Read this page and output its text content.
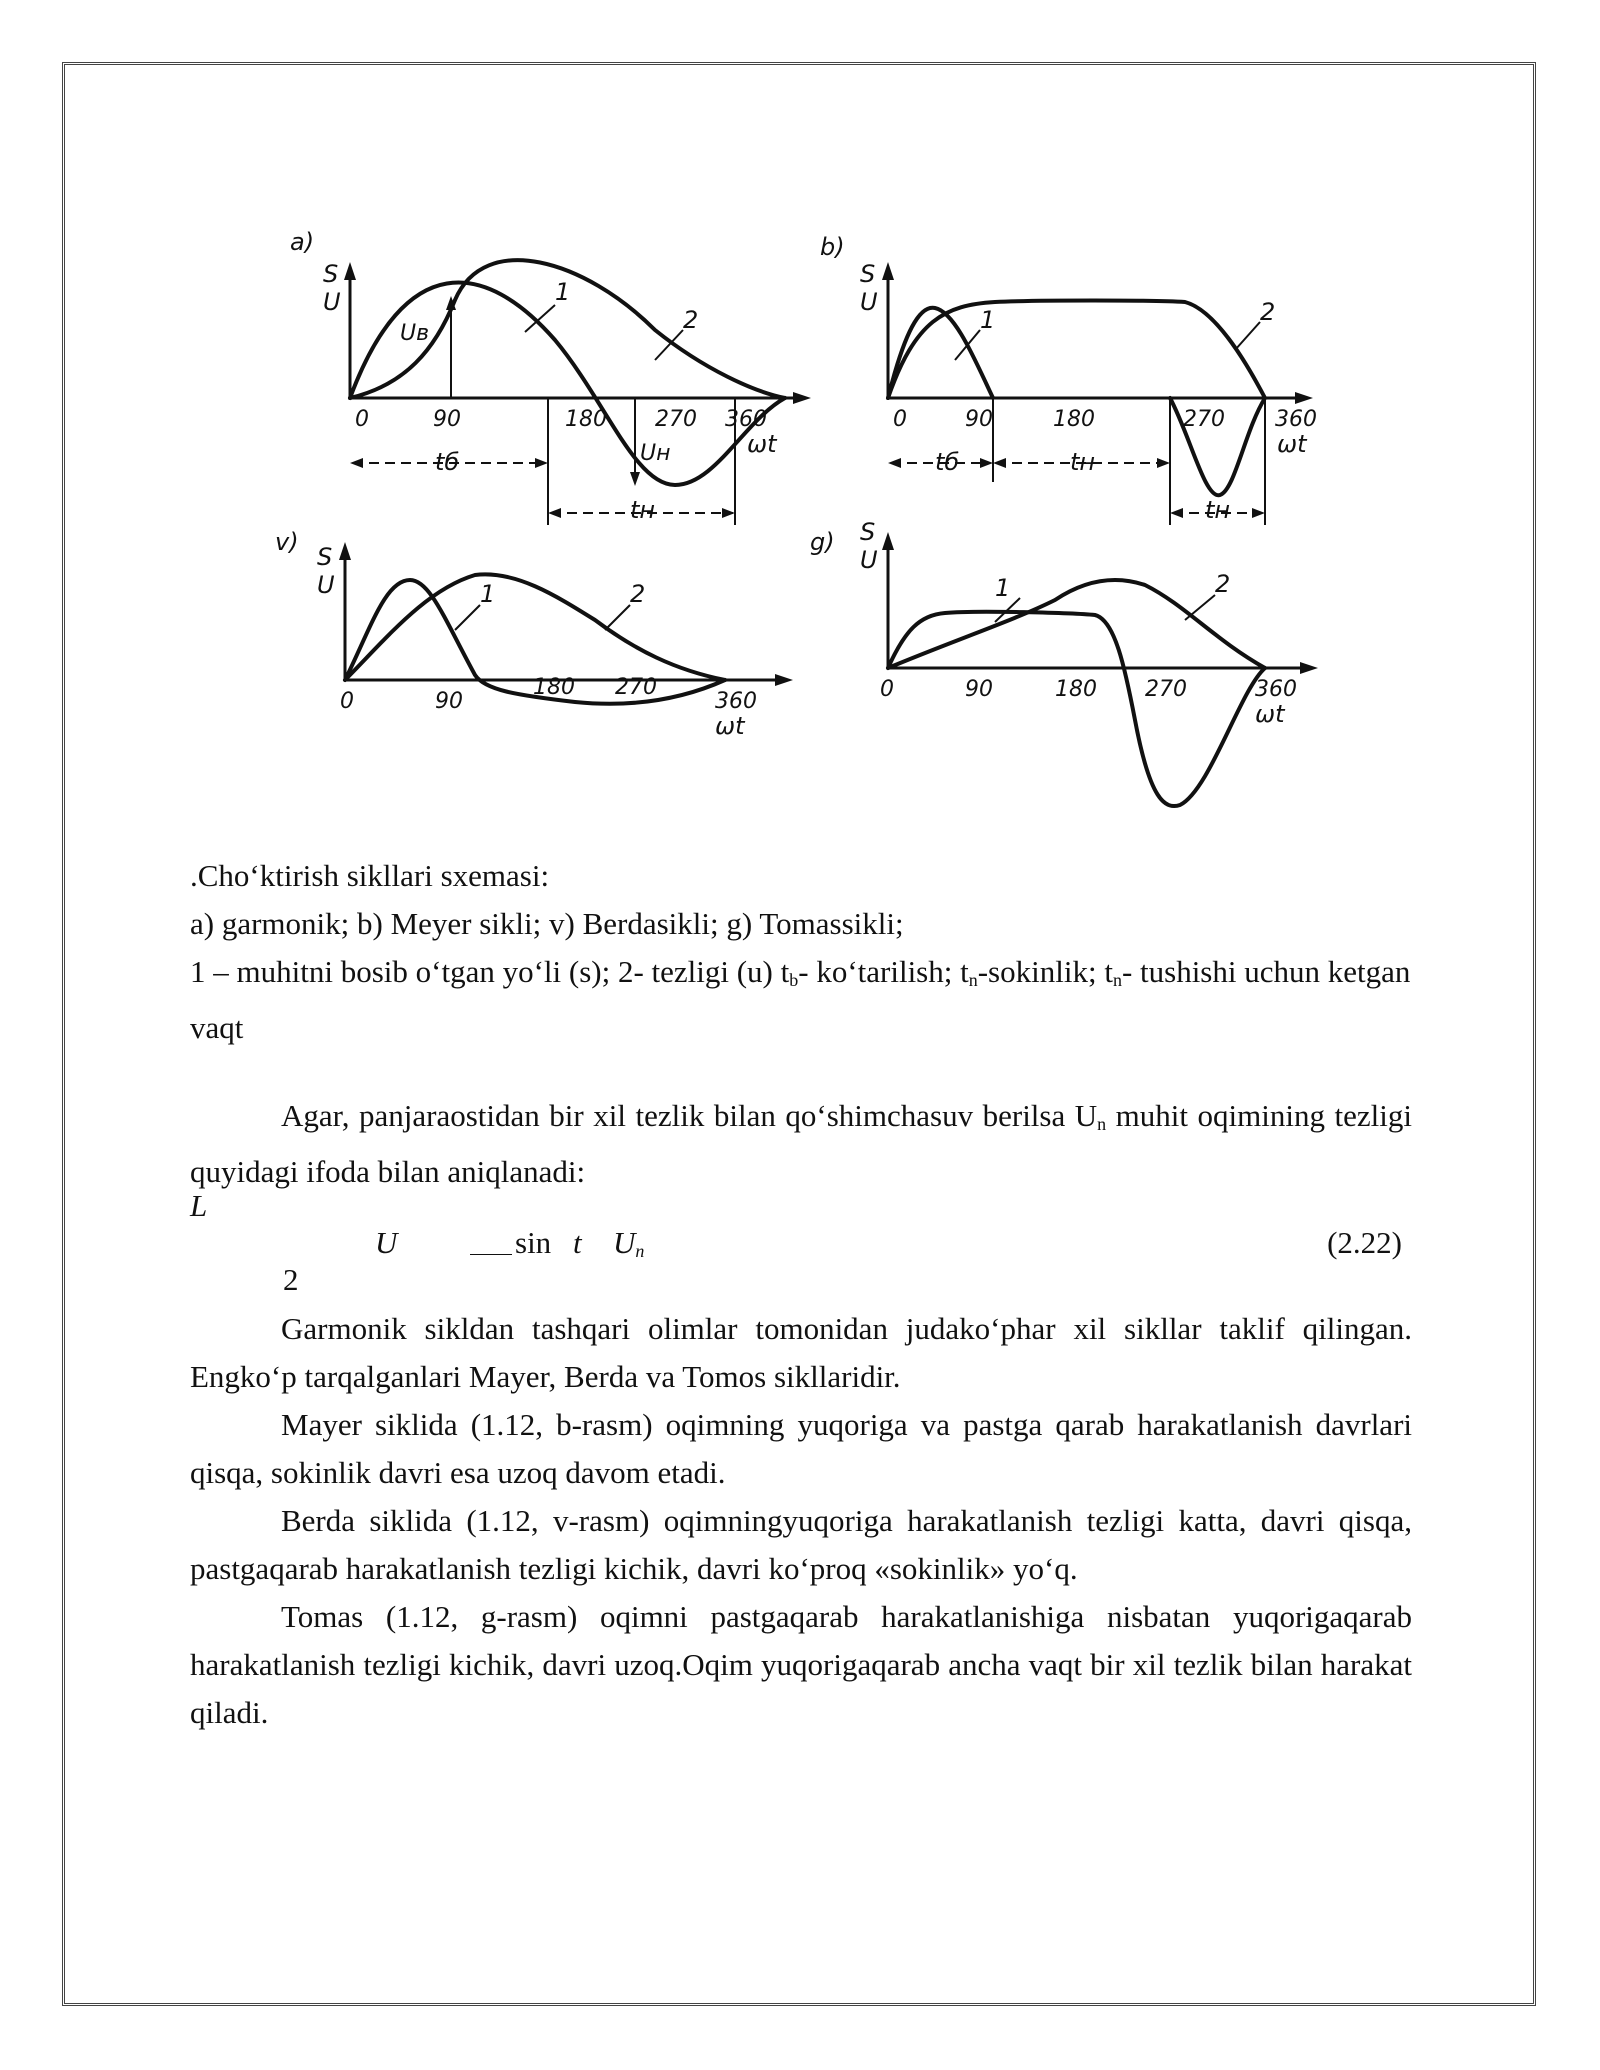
a)
S
U
Uв
Uн
1
2
0	90	180 270 360
ωt
tб
tн
b)
S
U
1	2
0	90	180	270 360
ωt
tб	tн
tн
v)
S
U	1	2
0	90
180 270
360
ωt
g) S
U
1	2
0	90	180 270	360
ωt

.Cho‘ktirish sikllari sxemasi:

a) garmonik; b) Meyer sikli; v) Berdasikli; g) Tomassikli;

1 – muhitni bosib o‘tgan yo‘li (s); 2- tezligi (u) $t_b-$ ko‘tarilish; $t_n$-sokinlik; $t_n-$ tushishi uchun ketgan vaqt

Agar, panjaraostidan bir xil tezlik bilan qo‘shimchasuv berilsa $U_n$ muhit oqimining tezligi quyidagi ifoda bilan aniqlanadi:

L
U	sin t $U_n$
2
(2.22)

Garmonik sikldan tashqari olimlar tomonidan judako‘phar xil sikllar taklif qilingan. Engko‘p tarqalganlari Mayer, Berda va Tomos sikllaridir.

Mayer siklida (1.12, b-rasm) oqimning yuqoriga va pastga qarab harakatlanish davrlari qisqa, sokinlik davri esa uzoq davom etadi.

Berda siklida (1.12, v-rasm) oqimningyuqoriga harakatlanish tezligi katta, davri qisqa, pastgaqarab harakatlanish tezligi kichik, davri ko‘proq «sokinlik» yo‘q.

Tomas (1.12, g-rasm) oqimni pastgaqarab harakatlanishiga nisbatan yuqorigaqarab harakatlanish tezligi kichik, davri uzoq.Oqim yuqorigaqarab ancha vaqt bir xil tezlik bilan harakat qiladi.
